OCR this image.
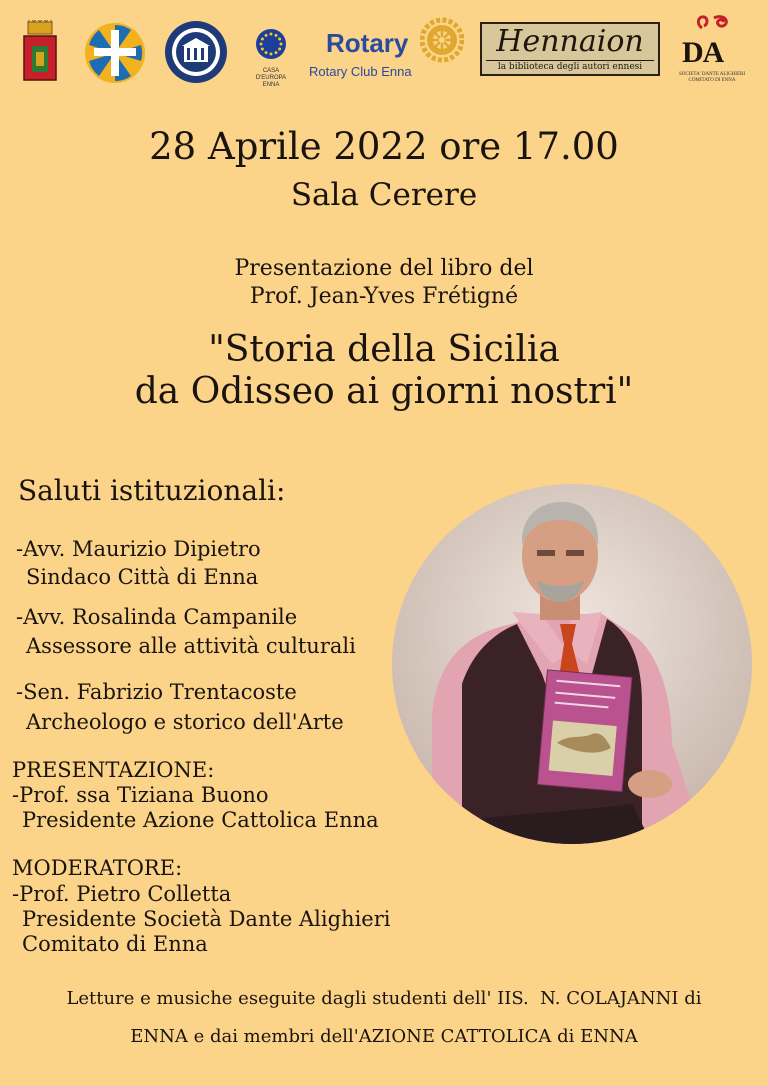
CASA D'EUROPA ENNA
Rotary
Rotary Club Enna
Hennaion
la biblioteca degli autori ennesi	DA
SOCIETA' DANTE ALIGHIERI COMITATO DI ENNA
28 Aprile 2022 ore 17.00
Sala Cerere
Presentazione del libro del
Prof. Jean-Yves Frétigné
"Storia della Sicilia
da Odisseo ai giorni nostri"
Saluti istituzionali:
-Avv. Maurizio Dipietro
Sindaco Città di Enna
-Avv. Rosalinda Campanile
Assessore alle attività culturali
-Sen. Fabrizio Trentacoste
Archeologo e storico dell'Arte
PRESENTAZIONE:
-Prof. ssa Tiziana Buono
Presidente Azione Cattolica Enna
MODERATORE:
-Prof. Pietro Colletta
Presidente Società Dante Alighieri
Comitato di Enna
Letture e musiche eseguite dagli studenti dell' IIS.  N. COLAJANNI di
ENNA e dai membri dell'AZIONE CATTOLICA di ENNA
